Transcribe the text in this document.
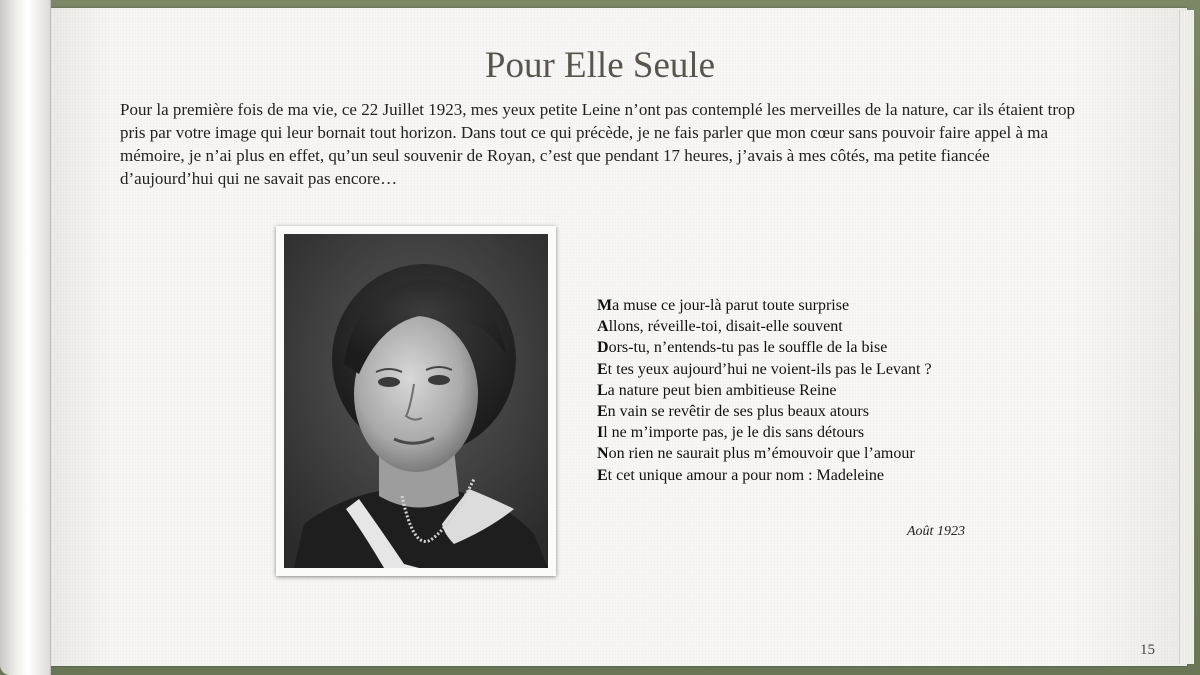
Pour Elle Seule

Pour la première fois de ma vie, ce 22 Juillet 1923, mes yeux petite Leine n’ont pas contemplé les merveilles de la nature, car ils étaient trop pris par votre image qui leur bornait tout horizon. Dans tout ce qui précède, je ne fais parler que mon cœur sans pouvoir faire appel à ma mémoire, je n’ai plus en effet, qu’un seul souvenir de Royan, c’est que pendant 17 heures, j’avais à mes côtés, ma petite fiancée d’aujourd’hui qui ne savait pas encore…

Ma muse ce jour-là parut toute surprise
Allons, réveille-toi, disait-elle souvent
Dors-tu, n’entends-tu pas le souffle de la bise
Et tes yeux aujourd’hui ne voient-ils pas le Levant ?
La nature peut bien ambitieuse Reine
En vain se revêtir de ses plus beaux atours
Il ne m’importe pas, je le dis sans détours
Non rien ne saurait plus m’émouvoir que l’amour
Et cet unique amour a pour nom : Madeleine
Août 1923
15
